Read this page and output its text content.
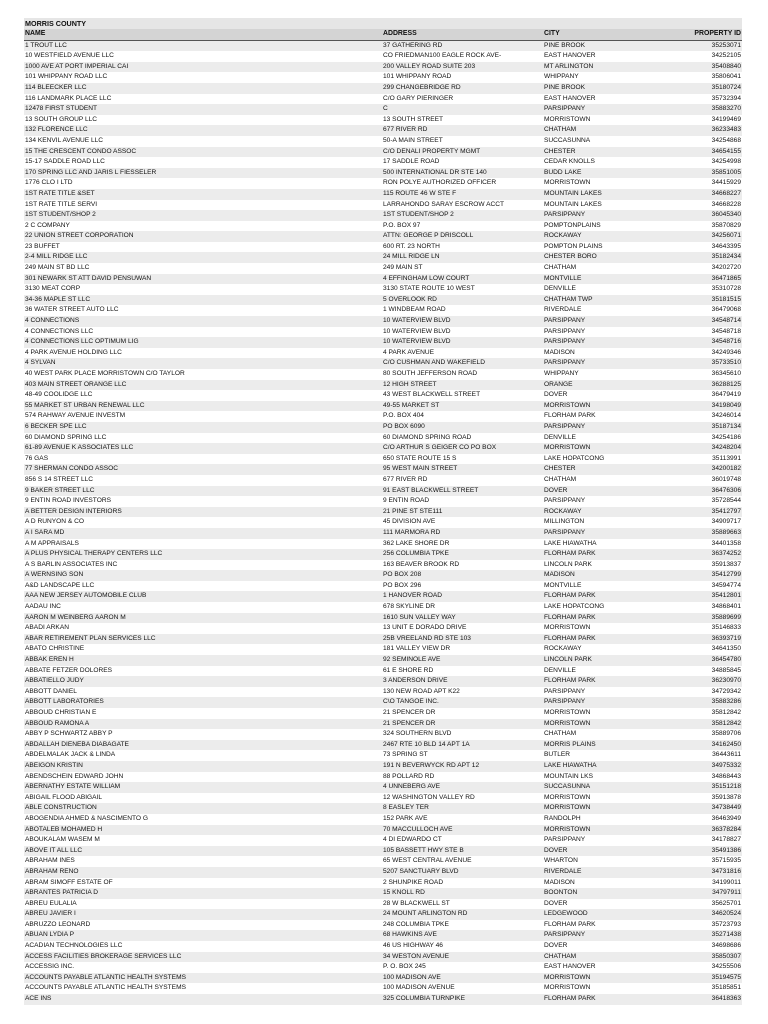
MORRIS COUNTY
NAME	ADDRESS	CITY	PROPERTY ID
1 TROUT LLC	37 GATHERING RD	PINE BROOK	35253071
10 WESTFIELD AVENUE LLC	CO FRIEDMAN100 EAGLE ROCK AVE-	EAST HANOVER	34252105
1000 AVE AT PORT IMPERIAL CAI	200 VALLEY ROAD SUITE 203	MT ARLINGTON	35408840
101 WHIPPANY ROAD LLC	101 WHIPPANY ROAD	WHIPPANY	35806041
114 BLEECKER LLC	299 CHANGEBRIDGE RD	PINE BROOK	35180724
116 LANDMARK PLACE LLC	C/O GARY PIERINGER	EAST HANOVER	35732394
12478 FIRST STUDENT	C	PARSIPPANY	35883270
13 SOUTH GROUP LLC	13 SOUTH STREET	MORRISTOWN	34199469
132 FLORENCE LLC	677 RIVER RD	CHATHAM	36233483
134 KENVIL AVENUE LLC	50-A MAIN STREET	SUCCASUNNA	34254868
15 THE CRESCENT CONDO ASSOC	C/O DENALI PROPERTY MGMT	CHESTER	34654155
15-17 SADDLE ROAD LLC	17 SADDLE ROAD	CEDAR KNOLLS	34254998
170 SPRING LLC AND JARIS L FIESSELER	500 INTERNATIONAL DR STE 140	BUDD LAKE	35851005
1776 CLO I LTD	RON POLYE AUTHORIZED OFFICER	MORRISTOWN	34415929
1ST RATE TITLE &SET	115 ROUTE 46 W STE F	MOUNTAIN LAKES	34668227
1ST RATE TITLE SERVI	LARRAHONDO SARAY ESCROW ACCT	MOUNTAIN LAKES	34668228
1ST STUDENT/SHOP 2	1ST STUDENT/SHOP 2	PARSIPPANY	36045340
2 C COMPANY	P.O. BOX 97	POMPTONPLAINS	35870829
22 UNION STREET CORPORATION	ATTN: GEORGE P DRISCOLL	ROCKAWAY	34256071
23 BUFFET	600 RT. 23 NORTH	POMPTON PLAINS	34643395
2-4 MILL RIDGE LLC	24 MILL RIDGE LN	CHESTER BORO	35182434
249 MAIN ST BD LLC	249 MAIN ST	CHATHAM	34202720
301 NEWARK ST ATT DAVID PENSUWAN	4 EFFINGHAM LOW COURT	MONTVILLE	36471865
3130 MEAT CORP	3130 STATE ROUTE 10 WEST	DENVILLE	35310728
34-36 MAPLE ST LLC	5 OVERLOOK RD	CHATHAM TWP	35181515
36 WATER STREET AUTO LLC	1 WINDBEAM ROAD	RIVERDALE	36479068
4 CONNECTIONS	10 WATERVIEW BLVD	PARSIPPANY	34548714
4 CONNECTIONS LLC	10 WATERVIEW BLVD	PARSIPPANY	34548718
4 CONNECTIONS LLC OPTIMUM LIG	10 WATERVIEW BLVD	PARSIPPANY	34548716
4 PARK AVENUE HOLDING LLC	4 PARK AVENUE	MADISON	34249346
4 SYLVAN	C/O CUSHMAN AND WAKEFIELD	PARSIPPANY	35733510
40 WEST PARK PLACE MORRISTOWN C/O TAYLOR	80 SOUTH JEFFERSON ROAD	WHIPPANY	36345610
403 MAIN STREET ORANGE LLC	12 HIGH STREET	ORANGE	36288125
48-49 COOLIDGE LLC	43 WEST BLACKWELL STREET	DOVER	36479419
55 MARKET ST URBAN RENEWAL LLC	49-55 MARKET ST	MORRISTOWN	34198049
574 RAHWAY AVENUE INVESTM	P.O. BOX 404	FLORHAM PARK	34246014
6 BECKER SPE LLC	PO BOX 6090	PARSIPPANY	35187134
60 DIAMOND SPRING LLC	60 DIAMOND SPRING ROAD	DENVILLE	34254186
61-89 AVENUE K ASSOCIATES LLC	C/O ARTHUR S GEIGER CO PO BOX	MORRISTOWN	34248204
76 GAS	650 STATE ROUTE 15 S	LAKE HOPATCONG	35113991
77 SHERMAN CONDO ASSOC	95 WEST MAIN STREET	CHESTER	34200182
856 S 14 STREET LLC	677 RIVER RD	CHATHAM	36019748
9 BAKER STREET LLC	91 EAST BLACKWELL STREET	DOVER	36476306
9 ENTIN ROAD INVESTORS	9 ENTIN ROAD	PARSIPPANY	35728544
A BETTER DESIGN INTERIORS	21 PINE ST STE111	ROCKAWAY	35412797
A D RUNYON & CO	45 DIVISION AVE	MILLINGTON	34909717
A I SARA MD	111 MARMORA RD	PARSIPPANY	35889663
A M APPRAISALS	362 LAKE SHORE DR	LAKE HIAWATHA	34401358
A PLUS PHYSICAL THERAPY CENTERS LLC	256 COLUMBIA TPKE	FLORHAM PARK	36374252
A S BARLIN ASSOCIATES INC	163 BEAVER BROOK RD	LINCOLN PARK	35913837
A WERNSING SON	PO BOX 208	MADISON	35412799
A&D LANDSCAPE LLC	PO BOX 296	MONTVILLE	34594774
AAA NEW JERSEY AUTOMOBILE CLUB	1 HANOVER ROAD	FLORHAM PARK	35412801
AADAU INC	678 SKYLINE DR	LAKE HOPATCONG	34868401
AARON M WEINBERG AARON M	1610 SUN VALLEY WAY	FLORHAM PARK	35889699
ABADI ARKAN	13 UNIT E DORADO DRIVE	MORRISTOWN	35146833
ABAR RETIREMENT PLAN SERVICES LLC	25B VREELAND RD STE 103	FLORHAM PARK	36393719
ABATO CHRISTINE	181 VALLEY VIEW DR	ROCKAWAY	34641350
ABBAK EREN H	92 SEMINOLE AVE	LINCOLN PARK	36454780
ABBATE FETZER DOLORES	61 E SHORE RD	DENVILLE	34885845
ABBATIELLO JUDY	3 ANDERSON DRIVE	FLORHAM PARK	36230970
ABBOTT DANIEL	130 NEW ROAD APT K22	PARSIPPANY	34729342
ABBOTT LABORATORIES	C\O TANGOE INC.	PARSIPPANY	35883286
ABBOUD CHRISTIAN E	21 SPENCER DR	MORRISTOWN	35812842
ABBOUD RAMONA A	21 SPENCER DR	MORRISTOWN	35812842
ABBY P SCHWARTZ ABBY P	324 SOUTHERN BLVD	CHATHAM	35889706
ABDALLAH DIENEBA DIABAGATE	2467 RTE 10 BLD 14 APT 1A	MORRIS PLAINS	34162450
ABDELMALAK JACK & LINDA	73 SPRING ST	BUTLER	36443611
ABEIGON KRISTIN	191 N BEVERWYCK RD APT 12	LAKE HIAWATHA	34975332
ABENDSCHEIN EDWARD JOHN	88 POLLARD RD	MOUNTAIN LKS	34868443
ABERNATHY ESTATE WILLIAM	4 UNNEBERG AVE	SUCCASUNNA	35151218
ABIGAIL FLOOD ABIGAIL	12 WASHINGTON VALLEY RD	MORRISTOWN	35913878
ABLE CONSTRUCTION	8 EASLEY TER	MORRISTOWN	34738449
ABOGENDIA AHMED & NASCIMENTO G	152 PARK AVE	RANDOLPH	36463949
ABOTALEB MOHAMED H	70 MACCULLOCH AVE	MORRISTOWN	36378284
ABOUKALAM WASEM M	4 DI EDWARDO CT	PARSIPPANY	34178827
ABOVE IT ALL LLC	105 BASSETT HWY STE B	DOVER	35491386
ABRAHAM INES	65 WEST CENTRAL AVENUE	WHARTON	35715935
ABRAHAM RENO	5207 SANCTUARY BLVD	RIVERDALE	34731816
ABRAM SIMOFF ESTATE OF	2 SHUNPIKE ROAD	MADISON	34199011
ABRANTES PATRICIA D	15 KNOLL RD	BOONTON	34797911
ABREU EULALIA	28 W BLACKWELL ST	DOVER	35625701
ABREU JAVIER I	24 MOUNT ARLINGTON RD	LEDGEWOOD	34620524
ABRUZZO LEONARD	248 COLUMBIA TPKE	FLORHAM PARK	35723793
ABUAN LYDIA P	68 HAWKINS AVE	PARSIPPANY	35271438
ACADIAN TECHNOLOGIES LLC	46 US HIGHWAY 46	DOVER	34698686
ACCESS FACILITIES BROKERAGE SERVICES LLC	34 WESTON AVENUE	CHATHAM	35850307
ACCESSIG INC.	P. O. BOX 245	EAST HANOVER	34255506
ACCOUNTS PAYABLE ATLANTIC HEALTH SYSTEMS	100 MADISON AVE	MORRISTOWN	35194575
ACCOUNTS PAYABLE ATLANTIC HEALTH SYSTEMS	100 MADISON AVENUE	MORRISTOWN	35185851
ACE INS	325 COLUMBIA TURNPIKE	FLORHAM PARK	36418363
